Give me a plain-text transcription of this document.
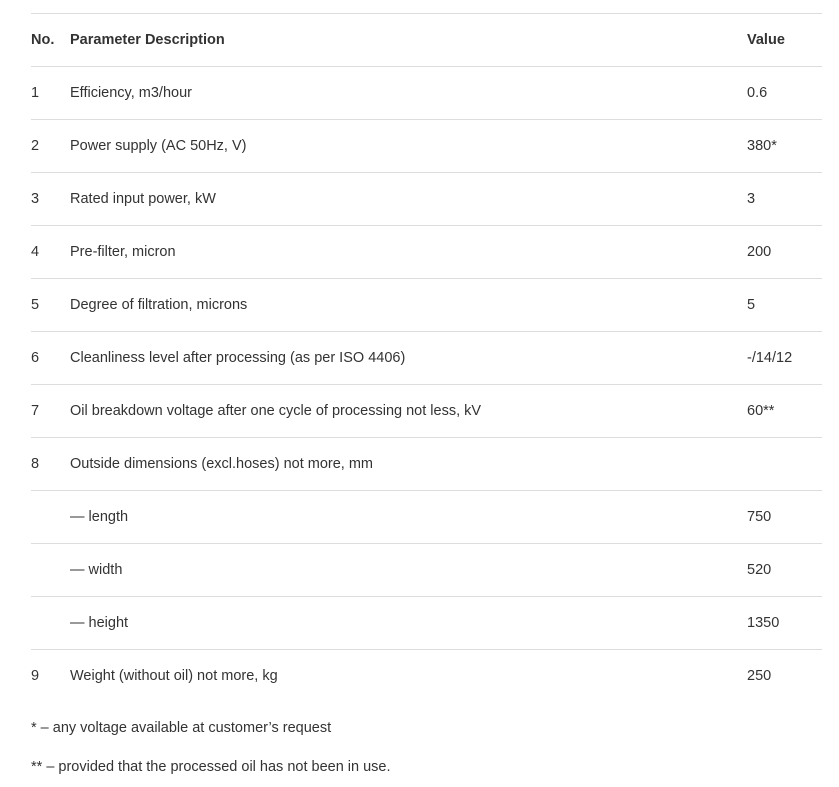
No.	Parameter Description	Value
1	Efficiency, m3/hour	0.6
2	Power supply (AC 50Hz, V)	380*
3	Rated input power, kW	3
4	Pre-filter, micron	200
5	Degree of filtration, microns	5
6	Cleanliness level after processing (as per ISO 4406)	-/14/12
7	Oil breakdown voltage after one cycle of processing not less, kV	60**
8	Outside dimensions (excl.hoses) not more, mm	
	— length	750
	— width	520
	— height	1350
9	Weight (without oil) not more, kg	250

* – any voltage available at customer’s request

** – provided that the processed oil has not been in use.
